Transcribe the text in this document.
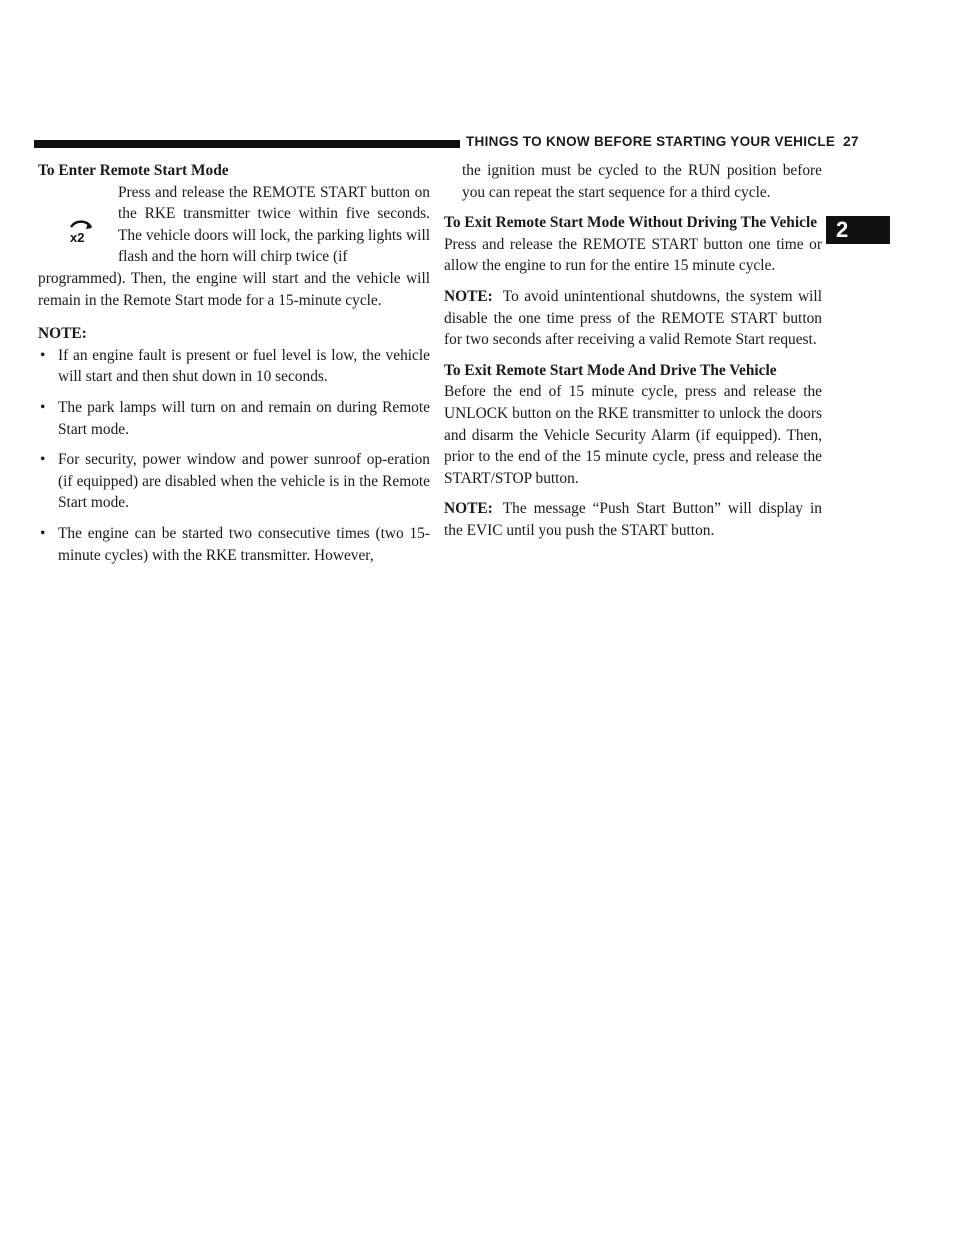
THINGS TO KNOW BEFORE STARTING YOUR VEHICLE 27
2

To Enter Remote Start Mode

x2

Press and release the REMOTE START button on the RKE transmitter twice within five seconds. The vehicle doors will lock, the parking lights will flash and the horn will chirp twice (if

programmed). Then, the engine will start and the vehicle will remain in the Remote Start mode for a 15-minute cycle.

NOTE:

• If an engine fault is present or fuel level is low, the vehicle will start and then shut down in 10 seconds.
• The park lamps will turn on and remain on during Remote Start mode.
• For security, power window and power sunroof op-eration (if equipped) are disabled when the vehicle is in the Remote Start mode.
• The engine can be started two consecutive times (two 15-minute cycles) with the RKE transmitter. However,

the ignition must be cycled to the RUN position before you can repeat the start sequence for a third cycle.

To Exit Remote Start Mode Without Driving The Vehicle

Press and release the REMOTE START button one time or allow the engine to run for the entire 15 minute cycle.

NOTE: To avoid unintentional shutdowns, the system will disable the one time press of the REMOTE START button for two seconds after receiving a valid Remote Start request.

To Exit Remote Start Mode And Drive The Vehicle

Before the end of 15 minute cycle, press and release the UNLOCK button on the RKE transmitter to unlock the doors and disarm the Vehicle Security Alarm (if equipped). Then, prior to the end of the 15 minute cycle, press and release the START/STOP button.

NOTE: The message “Push Start Button” will display in the EVIC until you push the START button.
